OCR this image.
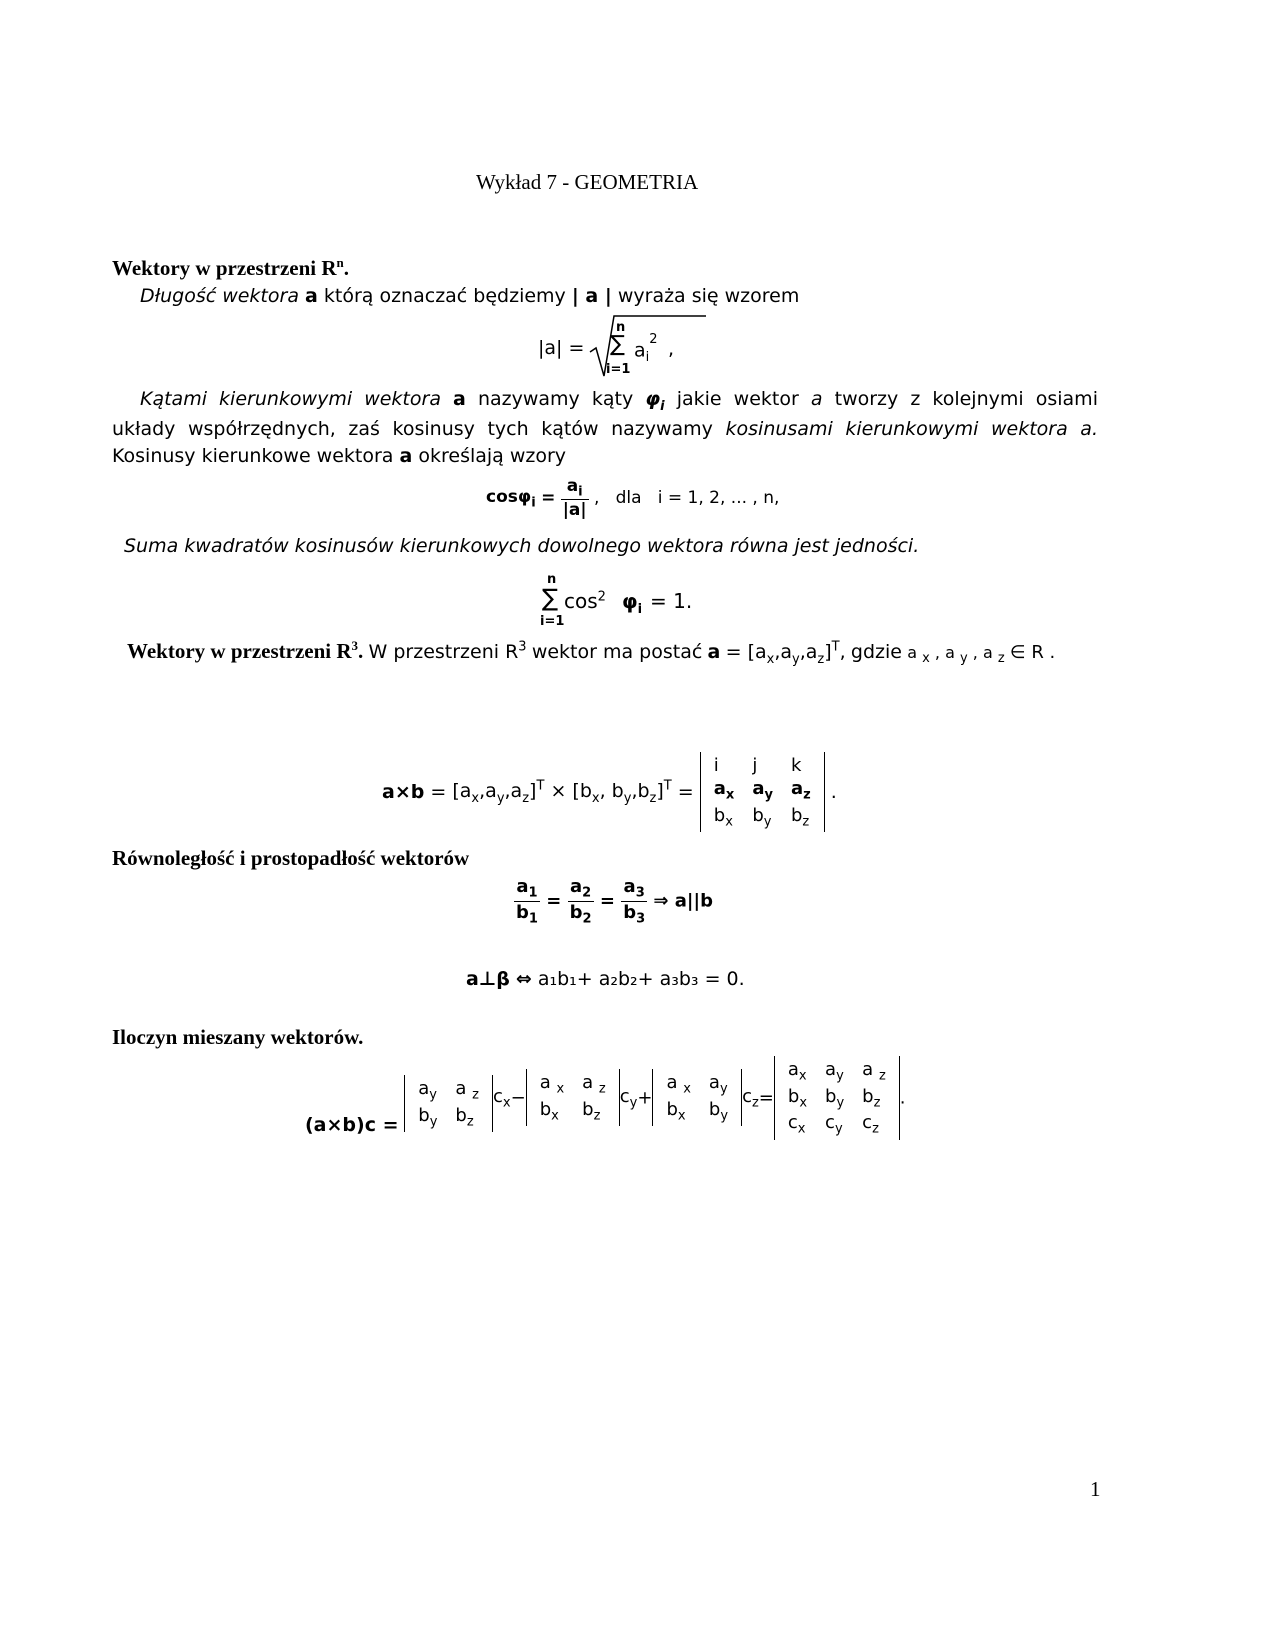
Wykład 7 - GEOMETRIA
Wektory w przestrzeni $R^n$.
Długość wektora a którą oznaczać będziemy | a | wyraża się wzorem
|a| =
n
∑
i=1
$a_i^2$ ,
Kątami kierunkowymi wektora a nazywamy kąty $\varphi_i$ jakie wektor a tworzy z kolejnymi osiami
układy współrzędnych, zaś kosinusy tych kątów nazywamy kosinusami kierunkowymi wektora a.
Kosinusy kierunkowe wektora a określają wzory
$\cos\varphi_i = \frac{a_i}{|a|}$ ,   dla   i = 1, 2, ... , n,
Suma kwadratów kosinusów kierunkowych dowolnego wektora równa jest jedności.
n
∑
i=1
$\cos^2 \varphi_i = 1$.
Wektory w przestrzeni $R^3$. W przestrzeni $R^3$ wektor ma postać $a = [a_x,a_y,a_z]^T$, gdzie a $_x$ , a $_y$ , a $_z$ ∈ R .
$a\times b = [a_x,a_y,a_z]^T \times [b_x$, $b_y,b_z]^T$ =
i	j	k
$a_x$	$a_y$	$a_z$
$b_x$	$b_y$	$b_z$
.
Równoległość i prostopadłość wektorów
$\frac{a_1}{b_1} = \frac{a_2}{b_2} = \frac{a_3}{b_3}$ ⇒ a||b
a⊥β ⇔ a₁b₁+ a₂b₂+ a₃b₃ = 0.
Iloczyn mieszany wektorów.
(a×b)c =
$a_y$	a $_z$
$b_y$	$b_z$
$c_x-$
a $_x$	a $_z$
$b_x$	$b_z$
$c_y+$
a $_x$	$a_y$
$b_x$	$b_y$
$c_z=$
$a_x$	$a_y$	a $_z$
$b_x$	$b_y$	$b_z$
$c_x$	$c_y$	$c_z$
.
1
